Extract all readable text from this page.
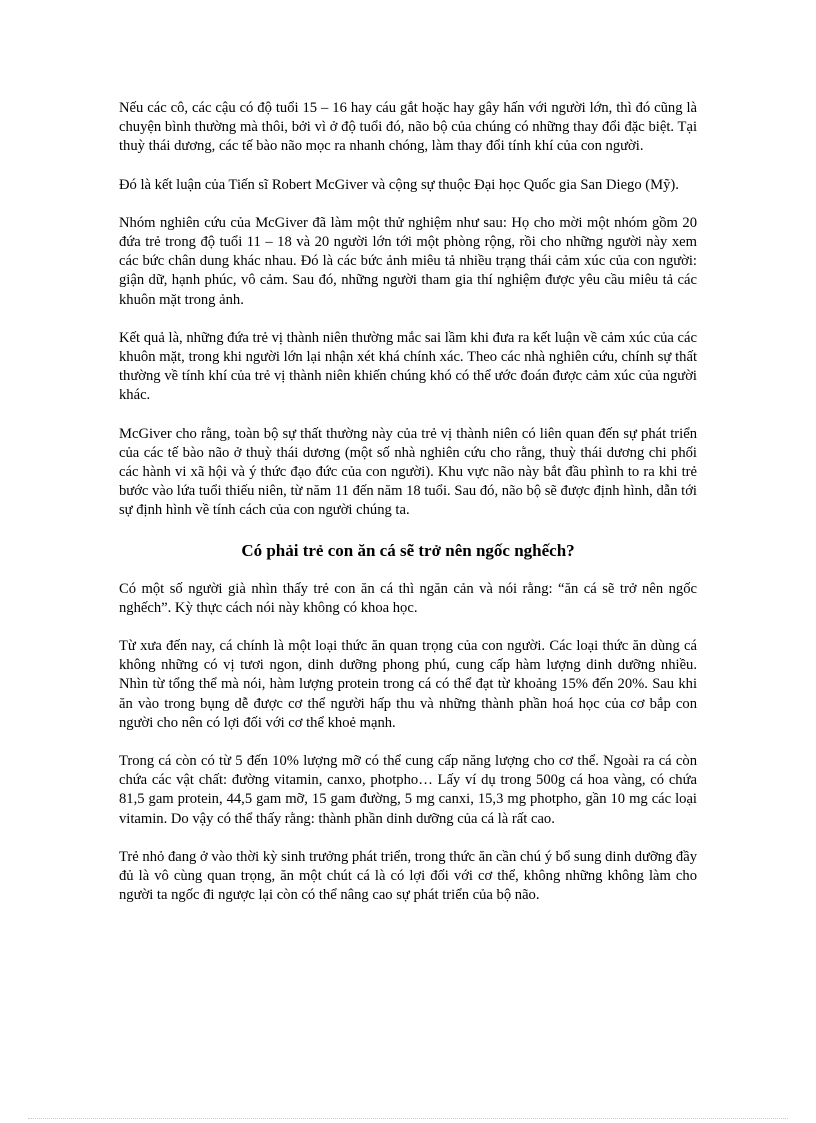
Nếu các cô, các cậu có độ tuổi 15 – 16 hay cáu gắt hoặc hay gây hấn với người lớn, thì đó cũng là chuyện bình thường mà thôi, bởi vì ở độ tuổi đó, não bộ của chúng có những thay đổi đặc biệt. Tại thuỳ thái dương, các tế bào não mọc ra nhanh chóng, làm thay đổi tính khí của con người.

Đó là kết luận của Tiến sĩ Robert McGiver và cộng sự thuộc Đại học Quốc gia San Diego (Mỹ).

Nhóm nghiên cứu của McGiver đã làm một thử nghiệm như sau: Họ cho mời một nhóm gồm 20 đứa trẻ trong độ tuổi 11 – 18 và 20 người lớn tới một phòng rộng, rồi cho những người này xem các bức chân dung khác nhau. Đó là các bức ảnh miêu tả nhiều trạng thái cảm xúc của con người: giận dữ, hạnh phúc, vô cảm. Sau đó, những người tham gia thí nghiệm được yêu cầu miêu tả các khuôn mặt trong ảnh.

Kết quả là, những đứa trẻ vị thành niên thường mắc sai lầm khi đưa ra kết luận về cảm xúc của các khuôn mặt, trong khi người lớn lại nhận xét khá chính xác. Theo các nhà nghiên cứu, chính sự thất thường về tính khí của trẻ vị thành niên khiến chúng khó có thể ước đoán được cảm xúc của người khác.

McGiver cho rằng, toàn bộ sự thất thường này của trẻ vị thành niên có liên quan đến sự phát triển của các tế bào não ở thuỳ thái dương (một số nhà nghiên cứu cho rằng, thuỳ thái dương chi phối các hành vi xã hội và ý thức đạo đức của con người). Khu vực não này bắt đầu phình to ra khi trẻ bước vào lứa tuổi thiếu niên, từ năm 11 đến năm 18 tuổi. Sau đó, não bộ sẽ được định hình, dẫn tới sự định hình về tính cách của con người chúng ta.

Có phải trẻ con ăn cá sẽ trở nên ngốc nghếch?

Có một số người già nhìn thấy trẻ con ăn cá thì ngăn cản và nói rằng: “ăn cá sẽ trở nên ngốc nghếch”. Kỳ thực cách nói này không có khoa học.

Từ xưa đến nay, cá chính là một loại thức ăn quan trọng của con người. Các loại thức ăn dùng cá không những có vị tươi ngon, dinh dưỡng phong phú, cung cấp hàm lượng dinh dưỡng nhiều. Nhìn từ tổng thể mà nói, hàm lượng protein trong cá có thể đạt từ khoảng 15% đến 20%. Sau khi ăn vào trong bụng dễ được cơ thể người hấp thu và những thành phần hoá học của cơ bắp con người cho nên có lợi đối với cơ thể khoẻ mạnh.

Trong cá còn có từ 5 đến 10% lượng mỡ có thể cung cấp năng lượng cho cơ thể. Ngoài ra cá còn chứa các vật chất: đường vitamin, canxo, photpho… Lấy ví dụ trong 500g cá hoa vàng, có chứa 81,5 gam protein, 44,5 gam mỡ, 15 gam đường, 5 mg canxi, 15,3 mg photpho, gần 10 mg các loại vitamin. Do vậy có thể thấy rằng: thành phần dinh dưỡng của cá là rất cao.

Trẻ nhỏ đang ở vào thời kỳ sinh trưởng phát triển, trong thức ăn cần chú ý bổ sung dinh dưỡng đầy đủ là vô cùng quan trọng, ăn một chút cá là có lợi đối với cơ thể, không những không làm cho người ta ngốc đi ngược lại còn có thể nâng cao sự phát triển của bộ não.
